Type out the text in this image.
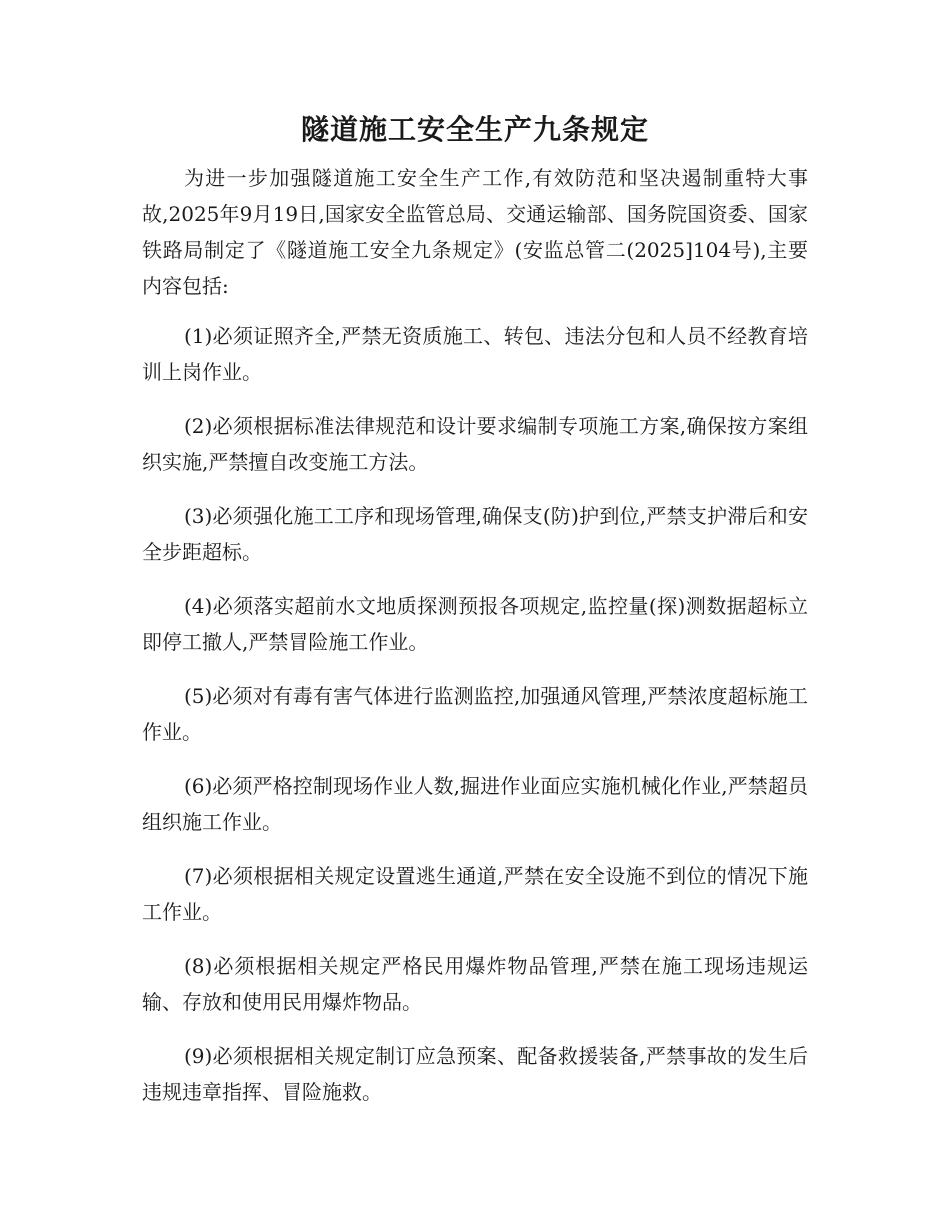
隧道施工安全生产九条规定

为进一步加强隧道施工安全生产工作,有效防范和坚决遏制重特大事故,2025年9月19日,国家安全监管总局、交通运输部、国务院国资委、国家铁路局制定了《隧道施工安全九条规定》(安监总管二(2025]104号),主要内容包括:

(1)必须证照齐全,严禁无资质施工、转包、违法分包和人员不经教育培训上岗作业。

(2)必须根据标准法律规范和设计要求编制专项施工方案,确保按方案组织实施,严禁擅自改变施工方法。

(3)必须强化施工工序和现场管理,确保支(防)护到位,严禁支护滞后和安全步距超标。

(4)必须落实超前水文地质探测预报各项规定,监控量(探)测数据超标立即停工撤人,严禁冒险施工作业。

(5)必须对有毒有害气体进行监测监控,加强通风管理,严禁浓度超标施工作业。

(6)必须严格控制现场作业人数,掘进作业面应实施机械化作业,严禁超员组织施工作业。

(7)必须根据相关规定设置逃生通道,严禁在安全设施不到位的情况下施工作业。

(8)必须根据相关规定严格民用爆炸物品管理,严禁在施工现场违规运输、存放和使用民用爆炸物品。

(9)必须根据相关规定制订应急预案、配备救援装备,严禁事故的发生后违规违章指挥、冒险施救。
